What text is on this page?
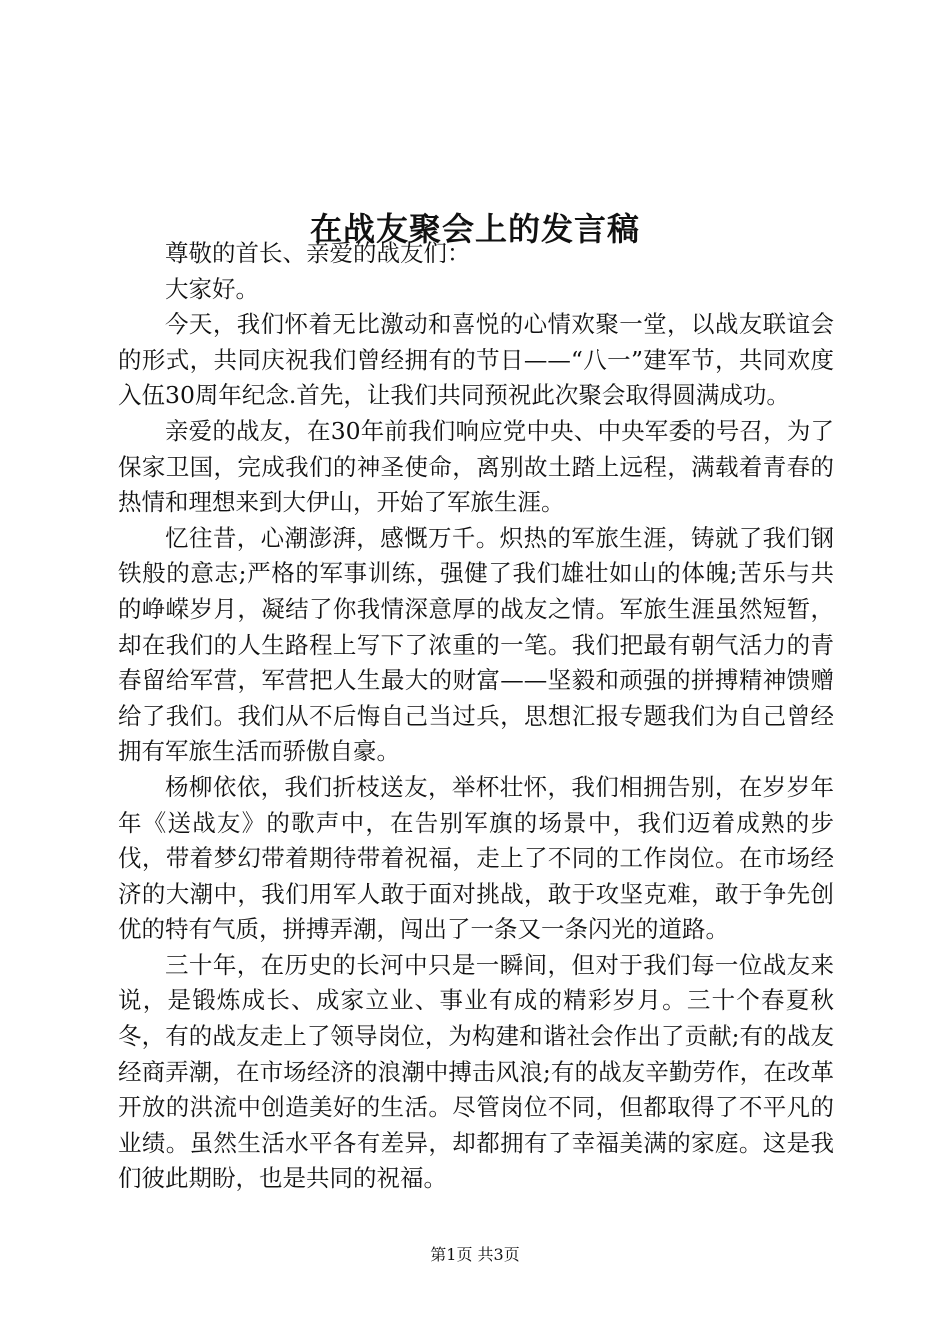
在战友聚会上的发言稿

尊敬的首长、亲爱的战友们：

大家好。

今天，我们怀着无比激动和喜悦的心情欢聚一堂，以战友联谊会的形式，共同庆祝我们曾经拥有的节日——“八一”建军节，共同欢度入伍30周年纪念.首先，让我们共同预祝此次聚会取得圆满成功。

亲爱的战友，在30年前我们响应党中央、中央军委的号召，为了保家卫国，完成我们的神圣使命，离别故土踏上远程，满载着青春的热情和理想来到大伊山，开始了军旅生涯。

忆往昔，心潮澎湃，感慨万千。炽热的军旅生涯，铸就了我们钢铁般的意志;严格的军事训练，强健了我们雄壮如山的体魄;苦乐与共的峥嵘岁月，凝结了你我情深意厚的战友之情。军旅生涯虽然短暂，却在我们的人生路程上写下了浓重的一笔。我们把最有朝气活力的青春留给军营，军营把人生最大的财富——坚毅和顽强的拼搏精神馈赠给了我们。我们从不后悔自己当过兵，思想汇报专题我们为自己曾经拥有军旅生活而骄傲自豪。

杨柳依依，我们折枝送友，举杯壮怀，我们相拥告别，在岁岁年年《送战友》的歌声中，在告别军旗的场景中，我们迈着成熟的步伐，带着梦幻带着期待带着祝福，走上了不同的工作岗位。在市场经济的大潮中，我们用军人敢于面对挑战，敢于攻坚克难，敢于争先创优的特有气质，拼搏弄潮，闯出了一条又一条闪光的道路。

三十年，在历史的长河中只是一瞬间，但对于我们每一位战友来说，是锻炼成长、成家立业、事业有成的精彩岁月。三十个春夏秋冬，有的战友走上了领导岗位，为构建和谐社会作出了贡献;有的战友经商弄潮，在市场经济的浪潮中搏击风浪;有的战友辛勤劳作，在改革开放的洪流中创造美好的生活。尽管岗位不同，但都取得了不平凡的业绩。虽然生活水平各有差异，却都拥有了幸福美满的家庭。这是我们彼此期盼，也是共同的祝福。

第1页 共3页
